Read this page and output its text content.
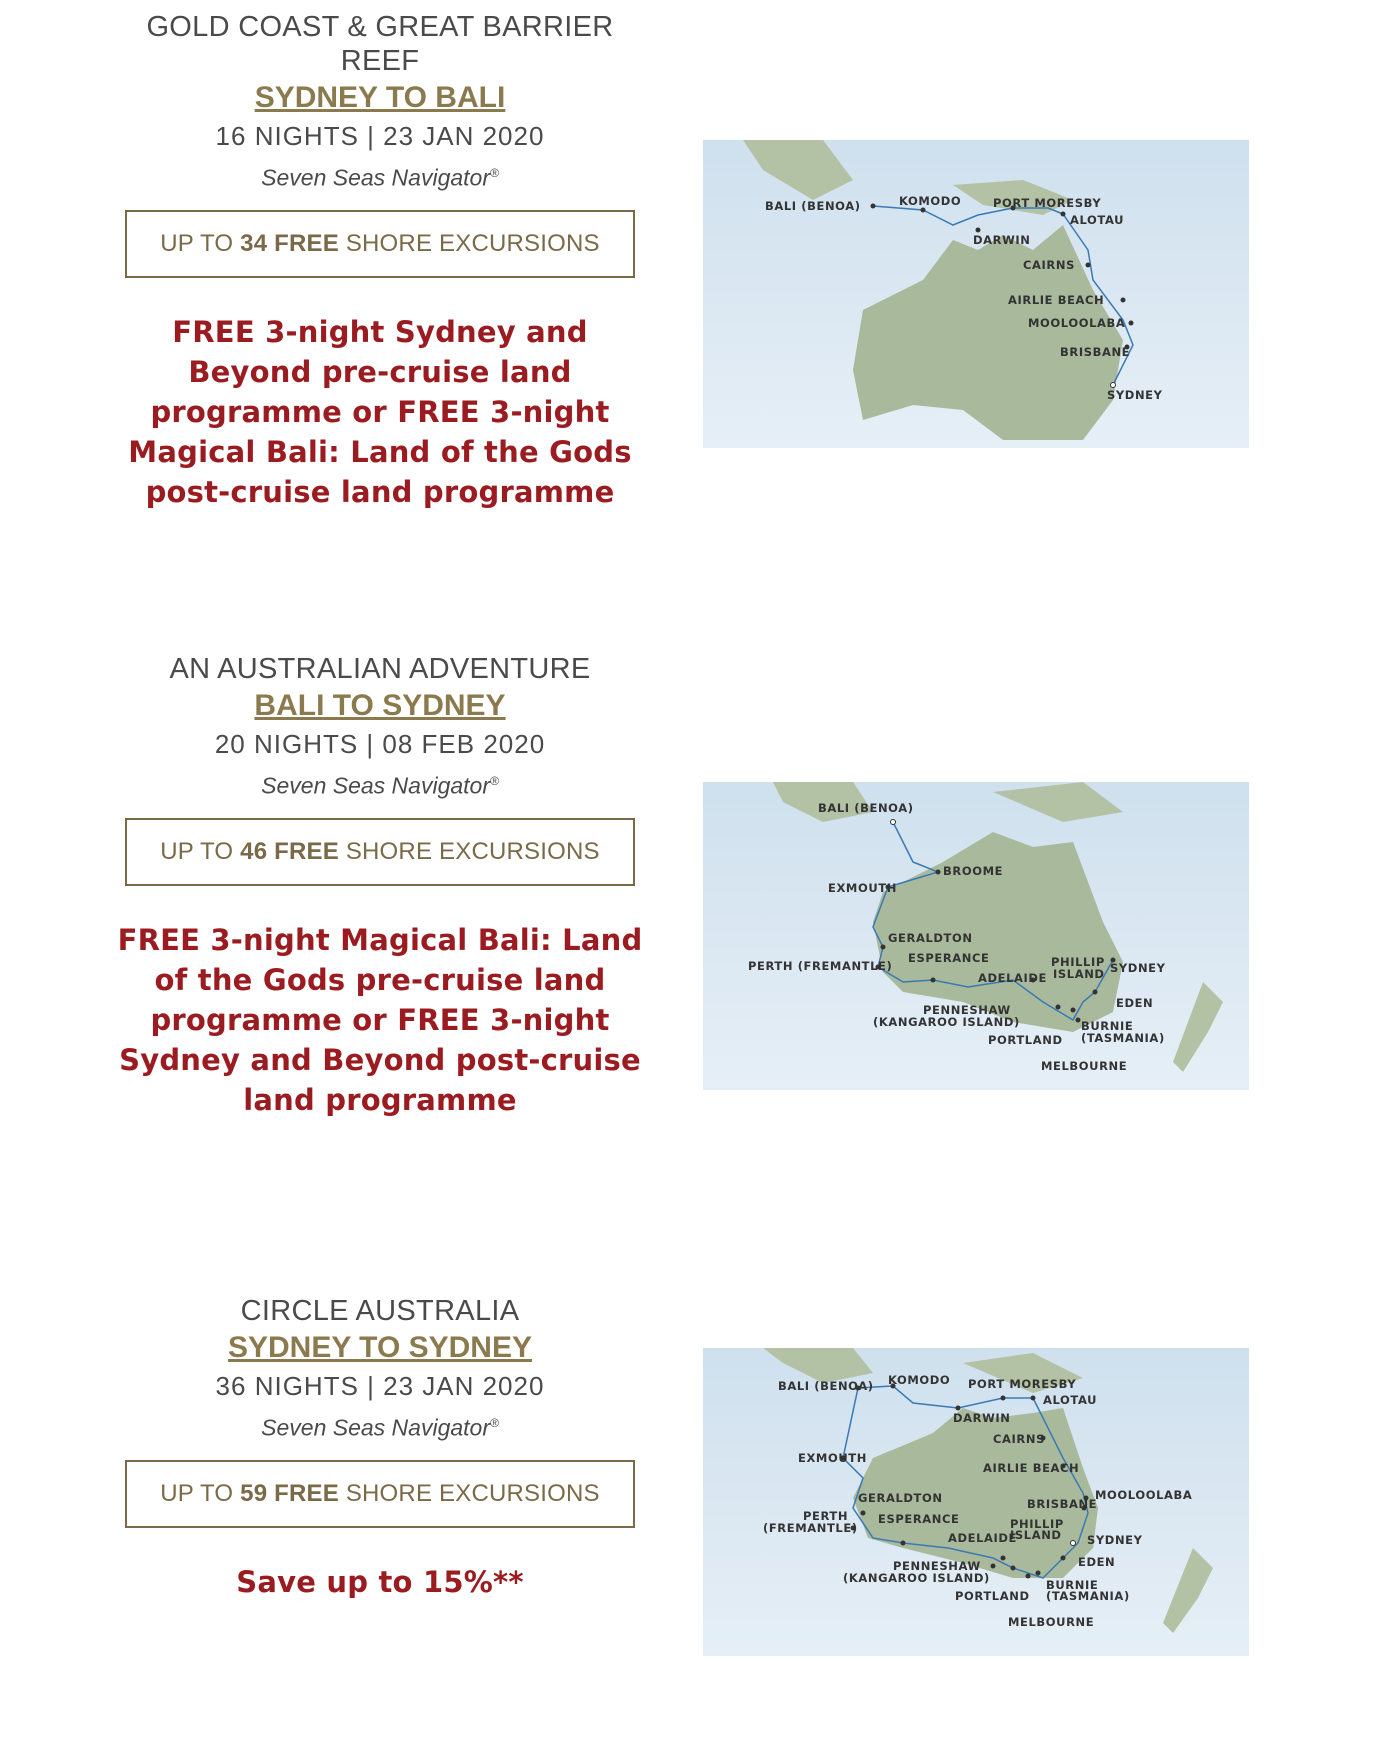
GOLD COAST & GREAT BARRIER REEF
SYDNEY TO BALI
16 NIGHTS | 23 JAN 2020
Seven Seas Navigator®
UP TO 34 FREE SHORE EXCURSIONS
FREE 3-night Sydney and Beyond pre-cruise land programme or FREE 3-night Magical Bali: Land of the Gods post-cruise land programme
BALI (BENOA)	KOMODO	PORT MORESBY
ALOTAU
DARWIN
CAIRNS
AIRLIE BEACH
MOOLOOLABA
BRISBANE
SYDNEY
AN AUSTRALIAN ADVENTURE
BALI TO SYDNEY
20 NIGHTS | 08 FEB 2020
Seven Seas Navigator®
UP TO 46 FREE SHORE EXCURSIONS
FREE 3-night Magical Bali: Land of the Gods pre-cruise land programme or FREE 3-night Sydney and Beyond post-cruise land programme
BALI (BENOA)
BROOME
EXMOUTH
GERALDTON
ESPERANCE
PERTH (FREMANTLE)
ADELAIDE
PHILLIP
ISLAND SYDNEY
EDEN
PENNESHAW
(KANGAROO ISLAND)	BURNIE
(TASMANIA)
PORTLAND
MELBOURNE
CIRCLE AUSTRALIA
SYDNEY TO SYDNEY
36 NIGHTS | 23 JAN 2020
Seven Seas Navigator®
UP TO 59 FREE SHORE EXCURSIONS
Save up to 15%**
BALI (BENOA) KOMODO PORT MORESBY
ALOTAU
DARWIN
CAIRNS
EXMOUTH
AIRLIE BEACH
MOOLOOLABA
GERALDTON	BRISBANE
PERTH
(FREMANTLE)
ESPERANCE	PHILLIP
ISLAND
ADELAIDE	SYDNEY
EDEN
PENNESHAW
(KANGAROO ISLAND)	BURNIE
(TASMANIA)
PORTLAND
MELBOURNE
